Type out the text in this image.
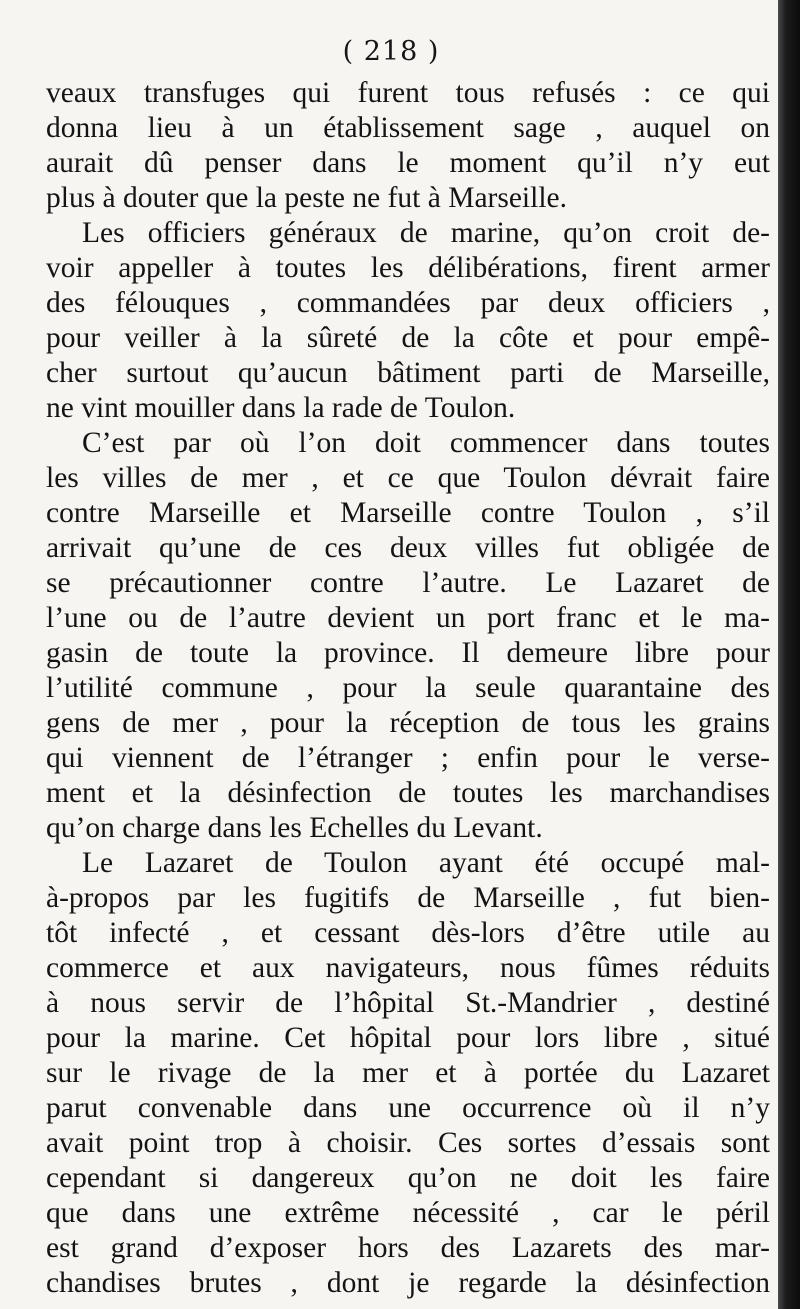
( 218 )
veaux transfuges qui furent tous refusés : ce qui
donna lieu à un établissement sage , auquel on
aurait dû penser dans le moment qu’il n’y eut
plus à douter que la peste ne fut à Marseille.
Les officiers généraux de marine, qu’on croit de-
voir appeller à toutes les délibérations, firent armer
des félouques , commandées par deux officiers ,
pour veiller à la sûreté de la côte et pour empê-
cher surtout qu’aucun bâtiment parti de Marseille,
ne vint mouiller dans la rade de Toulon.
C’est par où l’on doit commencer dans toutes
les villes de mer , et ce que Toulon dévrait faire
contre Marseille et Marseille contre Toulon , s’il
arrivait qu’une de ces deux villes fut obligée de
se précautionner contre l’autre. Le Lazaret de
l’une ou de l’autre devient un port franc et le ma-
gasin de toute la province. Il demeure libre pour
l’utilité commune , pour la seule quarantaine des
gens de mer , pour la réception de tous les grains
qui viennent de l’étranger ; enfin pour le verse-
ment et la désinfection de toutes les marchandises
qu’on charge dans les Echelles du Levant.
Le Lazaret de Toulon ayant été occupé mal-
à-propos par les fugitifs de Marseille , fut bien-
tôt infecté , et cessant dès-lors d’être utile au
commerce et aux navigateurs, nous fûmes réduits
à nous servir de l’hôpital St.-Mandrier , destiné
pour la marine. Cet hôpital pour lors libre , situé
sur le rivage de la mer et à portée du Lazaret
parut convenable dans une occurrence où il n’y
avait point trop à choisir. Ces sortes d’essais sont
cependant si dangereux qu’on ne doit les faire
que dans une extrême nécessité , car le péril
est grand d’exposer hors des Lazarets des mar-
chandises brutes , dont je regarde la désinfection
